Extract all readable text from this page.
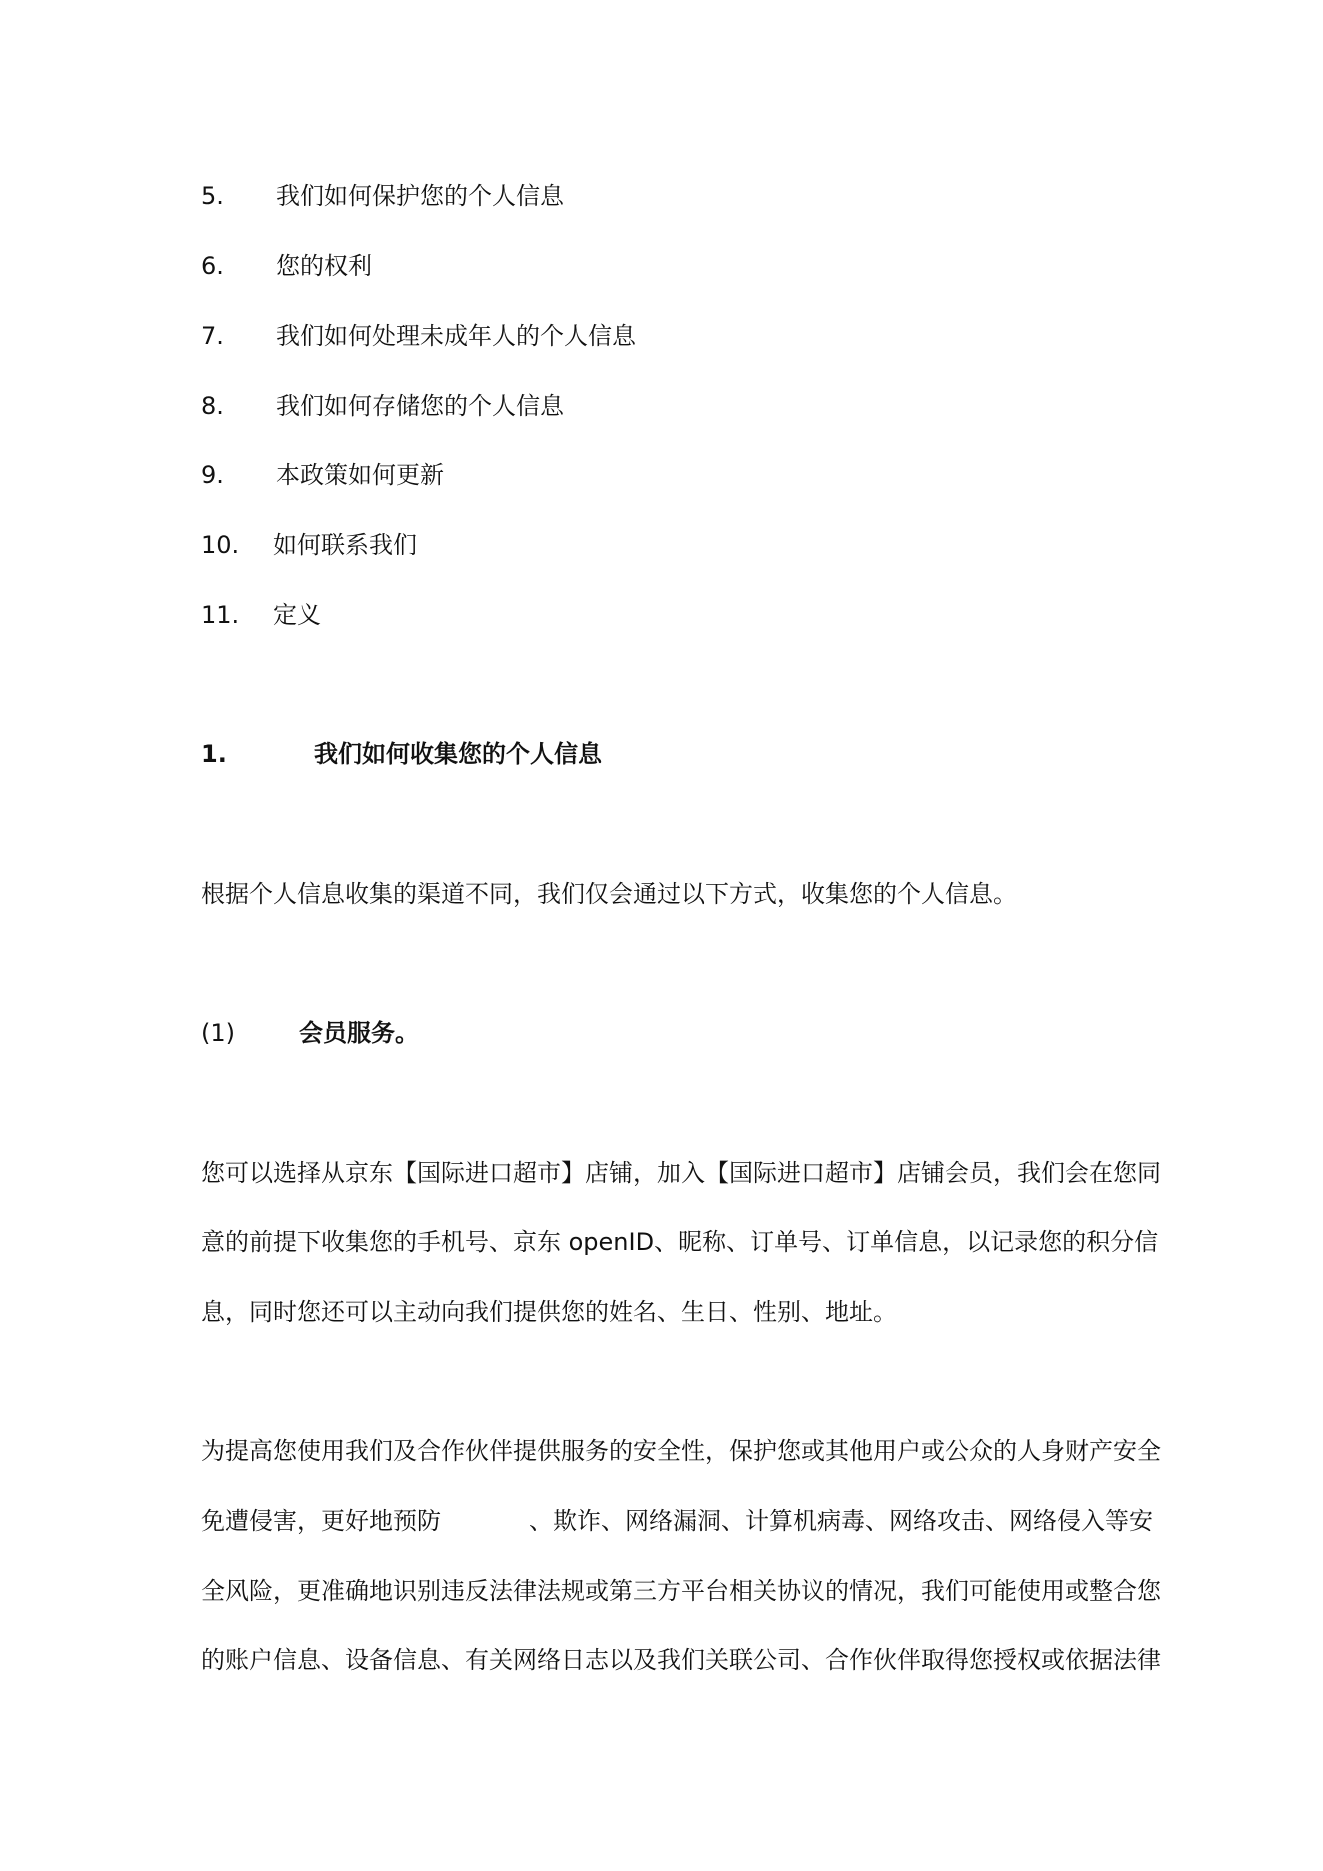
5. 我们如何保护您的个人信息
6. 您的权利
7. 我们如何处理未成年人的个人信息
8. 我们如何存储您的个人信息
9. 本政策如何更新
10. 如何联系我们
11. 定义
1.	我们如何收集您的个人信息
根据个人信息收集的渠道不同，我们仅会通过以下方式，收集您的个人信息。
(1)	会员服务。
您可以选择从京东【国际进口超市】店铺，加入【国际进口超市】店铺会员，我们会在您同
意的前提下收集您的手机号、京东 openID、昵称、订单号、订单信息，以记录您的积分信
息，同时您还可以主动向我们提供您的姓名、生日、性别、地址。
为提高您使用我们及合作伙伴提供服务的安全性，保护您或其他用户或公众的人身财产安全
免遭侵害，更好地预防	、欺诈、网络漏洞、计算机病毒、网络攻击、网络侵入等安
全风险，更准确地识别违反法律法规或第三方平台相关协议的情况，我们可能使用或整合您
的账户信息、设备信息、有关网络日志以及我们关联公司、合作伙伴取得您授权或依据法律
